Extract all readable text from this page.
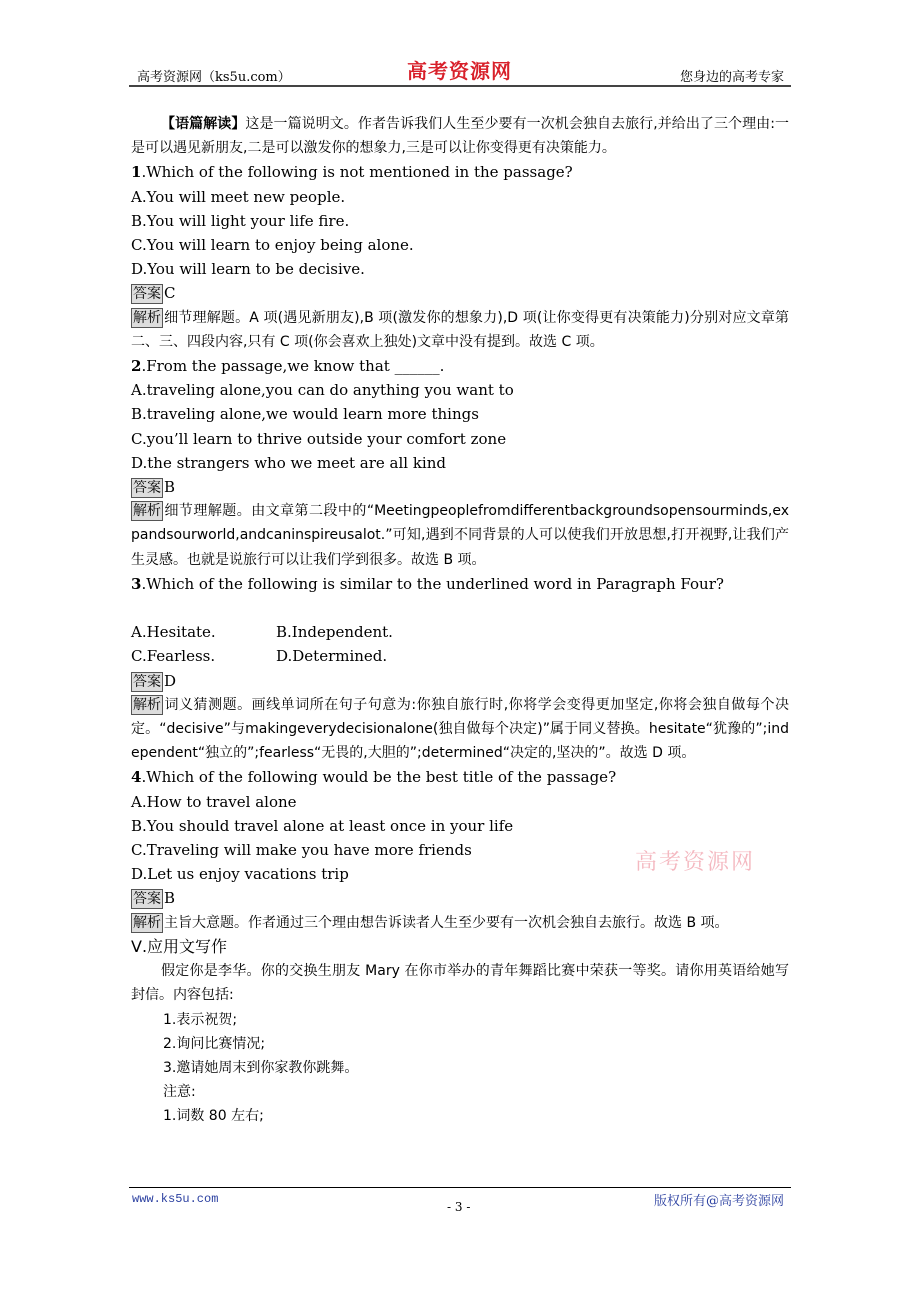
高考资源网（ks5u.com）	高考资源网	您身边的高考专家

【语篇解读】这是一篇说明文。作者告诉我们人生至少要有一次机会独自去旅行,并给出了三个理由:一是可以遇见新朋友,二是可以激发你的想象力,三是可以让你变得更有决策能力。

1.Which of the following is not mentioned in the passage?

A.You will meet new people.

B.You will light your life fire.

C.You will learn to enjoy being alone.

D.You will learn to be decisive.

答案 C

解析 细节理解题。A 项(遇见新朋友),B 项(激发你的想象力),D 项(让你变得更有决策能力)分别对应文章第二、三、四段内容,只有 C 项(你会喜欢上独处)文章中没有提到。故选 C 项。

2.From the passage,we know that ______.

A.traveling alone,you can do anything you want to

B.traveling alone,we would learn more things

C.you’ll learn to thrive outside your comfort zone

D.the strangers who we meet are all kind

答案 B

解析 细节理解题。由文章第二段中的“Meetingpeoplefromdifferentbackgroundsopensourminds,expandsourworld,andcaninspireusalot.”可知,遇到不同背景的人可以使我们开放思想,打开视野,让我们产生灵感。也就是说旅行可以让我们学到很多。故选 B 项。

3.Which of the following is similar to the underlined word in Paragraph Four?

A.Hesitate.	B.Independent.
C.Fearless.	D.Determined.

答案 D

解析 词义猜测题。画线单词所在句子句意为:你独自旅行时,你将学会变得更加坚定,你将会独自做每个决定。“decisive”与makingeverydecisionalone(独自做每个决定)”属于同义替换。hesitate“犹豫的”;independent“独立的”;fearless“无畏的,大胆的”;determined“决定的,坚决的”。故选 D 项。

4.Which of the following would be the best title of the passage?

A.How to travel alone

B.You should travel alone at least once in your life

C.Traveling will make you have more friends

D.Let us enjoy vacations trip

答案 B

解析 主旨大意题。作者通过三个理由想告诉读者人生至少要有一次机会独自去旅行。故选 B 项。

Ⅴ.应用文写作

假定你是李华。你的交换生朋友 Mary 在你市举办的青年舞蹈比赛中荣获一等奖。请你用英语给她写封信。内容包括:

1.表示祝贺;

2.询问比赛情况;

3.邀请她周末到你家教你跳舞。

注意:

1.词数 80 左右;

高考资源网
www.ks5u.com
- 3 -	版权所有@高考资源网
